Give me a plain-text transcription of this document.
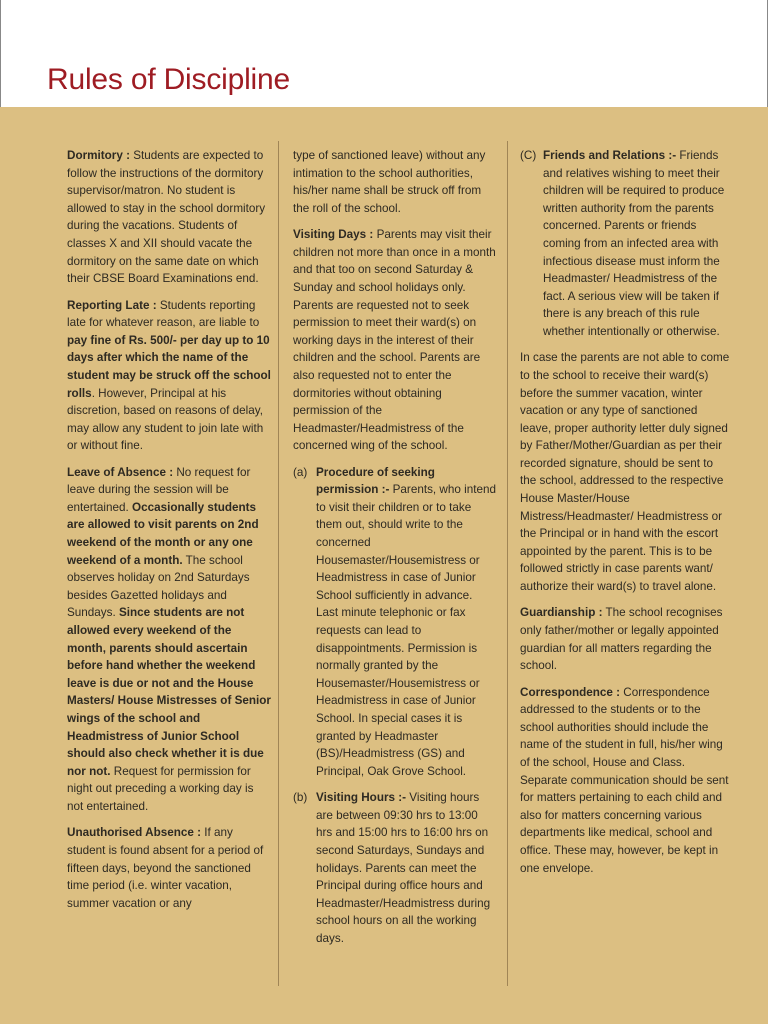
Rules of Discipline

Dormitory : Students are expected to follow the instructions of the dormitory supervisor/matron. No student is allowed to stay in the school dormitory during the vacations. Students of classes X and XII should vacate the dormitory on the same date on which their CBSE Board Examinations end.

Reporting Late : Students reporting late for whatever reason, are liable to pay fine of Rs. 500/- per day up to 10 days after which the name of the student may be struck off the school rolls. However, Principal at his discretion, based on reasons of delay, may allow any student to join late with or without fine.

Leave of Absence : No request for leave during the session will be entertained. Occasionally students are allowed to visit parents on 2nd weekend of the month or any one weekend of a month. The school observes holiday on 2nd Saturdays besides Gazetted holidays and Sundays. Since students are not allowed every weekend of the month, parents should ascertain before hand whether the weekend leave is due or not and the House Masters/ House Mistresses of Senior wings of the school and Headmistress of Junior School should also check whether it is due nor not. Request for permission for night out preceding a working day is not entertained.

Unauthorised Absence : If any student is found absent for a period of fifteen days, beyond the sanctioned time period (i.e. winter vacation, summer vacation or any

type of sanctioned leave) without any intimation to the school authorities, his/her name shall be struck off from the roll of the school.

Visiting Days : Parents may visit their children not more than once in a month and that too on second Saturday & Sunday and school holidays only. Parents are requested not to seek permission to meet their ward(s) on working days in the interest of their children and the school. Parents are also requested not to enter the dormitories without obtaining permission of the Headmaster/Headmistress of the concerned wing of the school.

(a) Procedure of seeking permission :- Parents, who intend to visit their children or to take them out, should write to the concerned Housemaster/Housemistress or Headmistress in case of Junior School sufficiently in advance. Last minute telephonic or fax requests can lead to disappointments. Permission is normally granted by the Housemaster/Housemistress or Headmistress in case of Junior School. In special cases it is granted by Headmaster (BS)/Headmistress (GS) and Principal, Oak Grove School.
(b) Visiting Hours :- Visiting hours are between 09:30 hrs to 13:00 hrs and 15:00 hrs to 16:00 hrs on second Saturdays, Sundays and holidays. Parents can meet the Principal during office hours and Headmaster/Headmistress during school hours on all the working days.
(C) Friends and Relations :- Friends and relatives wishing to meet their children will be required to produce written authority from the parents concerned. Parents or friends coming from an infected area with infectious disease must inform the Headmaster/ Headmistress of the fact. A serious view will be taken if there is any breach of this rule whether intentionally or otherwise.

In case the parents are not able to come to the school to receive their ward(s) before the summer vacation, winter vacation or any type of sanctioned leave, proper authority letter duly signed by Father/Mother/Guardian as per their recorded signature, should be sent to the school, addressed to the respective House Master/House Mistress/Headmaster/ Headmistress or the Principal or in hand with the escort appointed by the parent. This is to be followed strictly in case parents want/ authorize their ward(s) to travel alone.

Guardianship : The school recognises only father/mother or legally appointed guardian for all matters regarding the school.

Correspondence : Correspondence addressed to the students or to the school authorities should include the name of the student in full, his/her wing of the school, House and Class. Separate communication should be sent for matters pertaining to each child and also for matters concerning various departments like medical, school and office. These may, however, be kept in one envelope.
